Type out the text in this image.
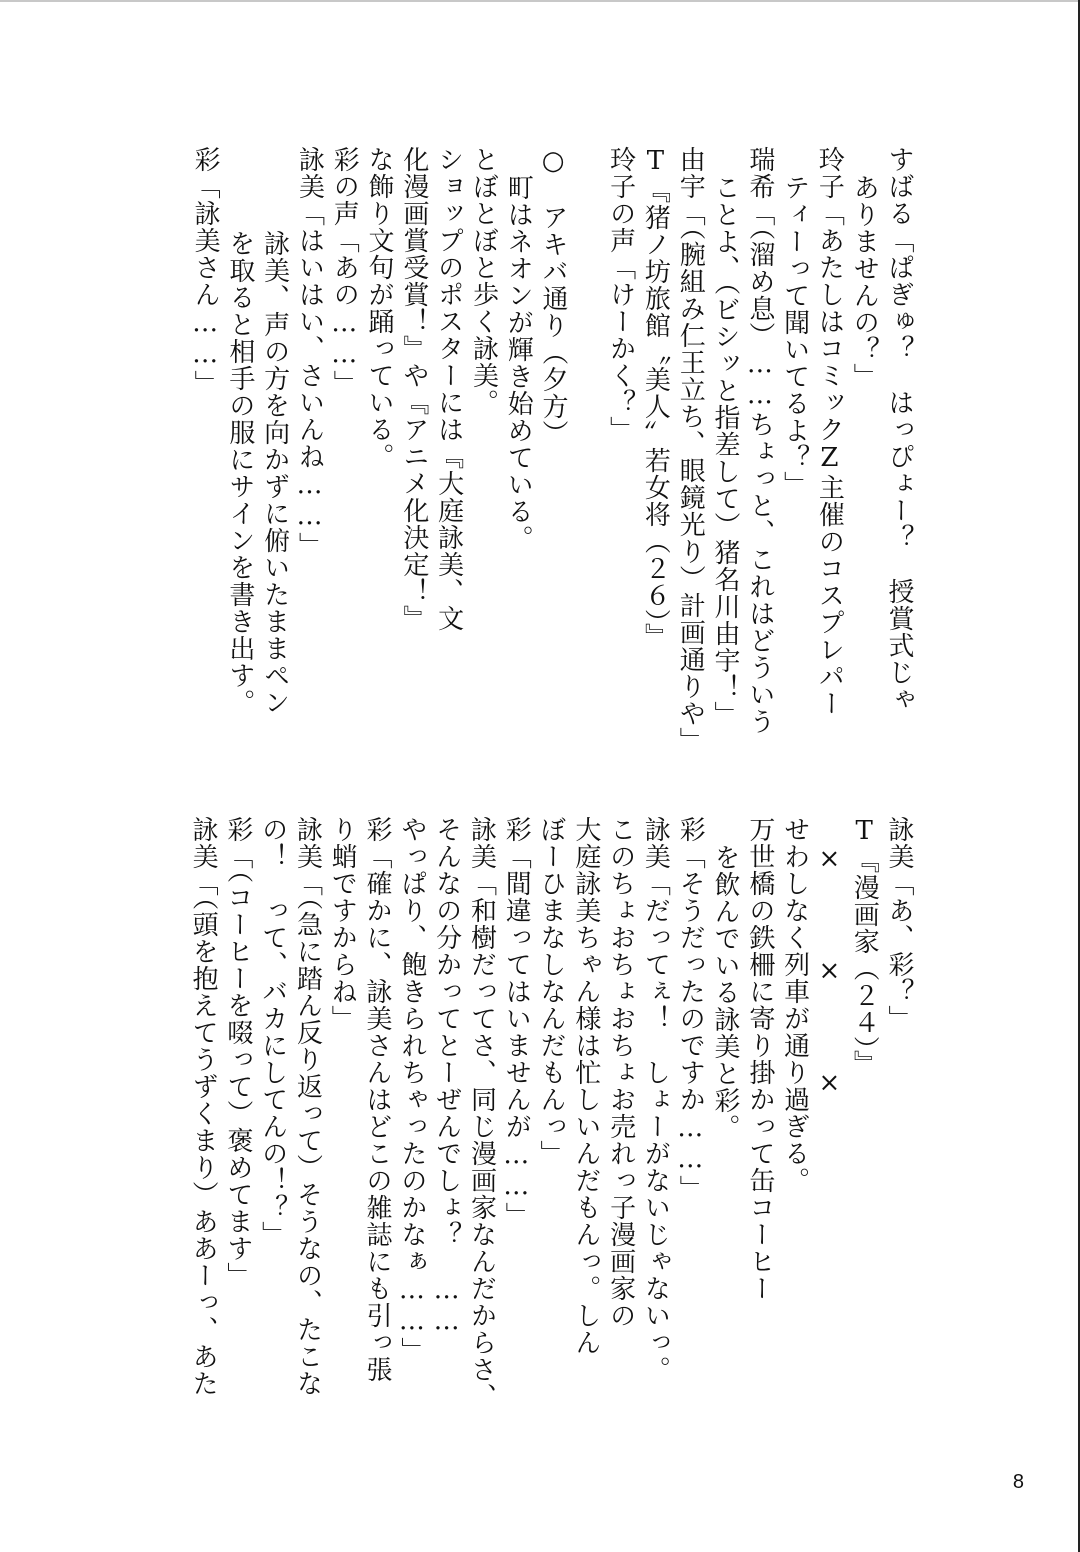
すばる「ぱぎゅ？　はっぴょー？　授賞式じゃ
ありませんの？」
玲子「あたしはコミックZ主催のコスプレパー
ティーって聞いてるよ？」
瑞希「（溜め息）……ちょっと、これはどういう
ことよ、（ビシッと指差して）猪名川由宇！」
由宇「（腕組み仁王立ち、眼鏡光り）計画通りや」
T『猪ノ坊旅館〝美人〟若女将（２６）』
玲子の声「けーかく？」
○　アキバ通り（夕方）
町はネオンが輝き始めている。
とぼとぼと歩く詠美。
ショップのポスターには『大庭詠美、文
化漫画賞受賞！』や『アニメ化決定！』
な飾り文句が踊っている。
彩の声「あの……」
詠美「はいはい、さいんね……」
詠美、声の方を向かずに俯いたままペン
を取ると相手の服にサインを書き出す。
彩「詠美さん……」
詠美「あ、彩？」
T『漫画家（２４）』
×　　　×　　　×
せわしなく列車が通り過ぎる。
万世橋の鉄柵に寄り掛かって缶コーヒー
を飲んでいる詠美と彩。
彩「そうだったのですか……」
詠美「だってぇ！　しょーがないじゃないっ。
このちょおちょおちょお売れっ子漫画家の
大庭詠美ちゃん様は忙しいんだもんっ。しん
ぼーひまなしなんだもんっ」
彩「間違ってはいませんが……」
詠美「和樹だってさ、同じ漫画家なんだからさ、
そんなの分かってとーぜんでしょ？　……
やっぱり、飽きられちゃったのかなぁ……」
彩「確かに、詠美さんはどこの雑誌にも引っ張
り蛸ですからね」
詠美「（急に踏ん反り返って）そうなの、たこな
の！　って、バカにしてんの！？」
彩「（コーヒーを啜って）褒めてます」
詠美「（頭を抱えてうずくまり）ああーっ、あた
8
